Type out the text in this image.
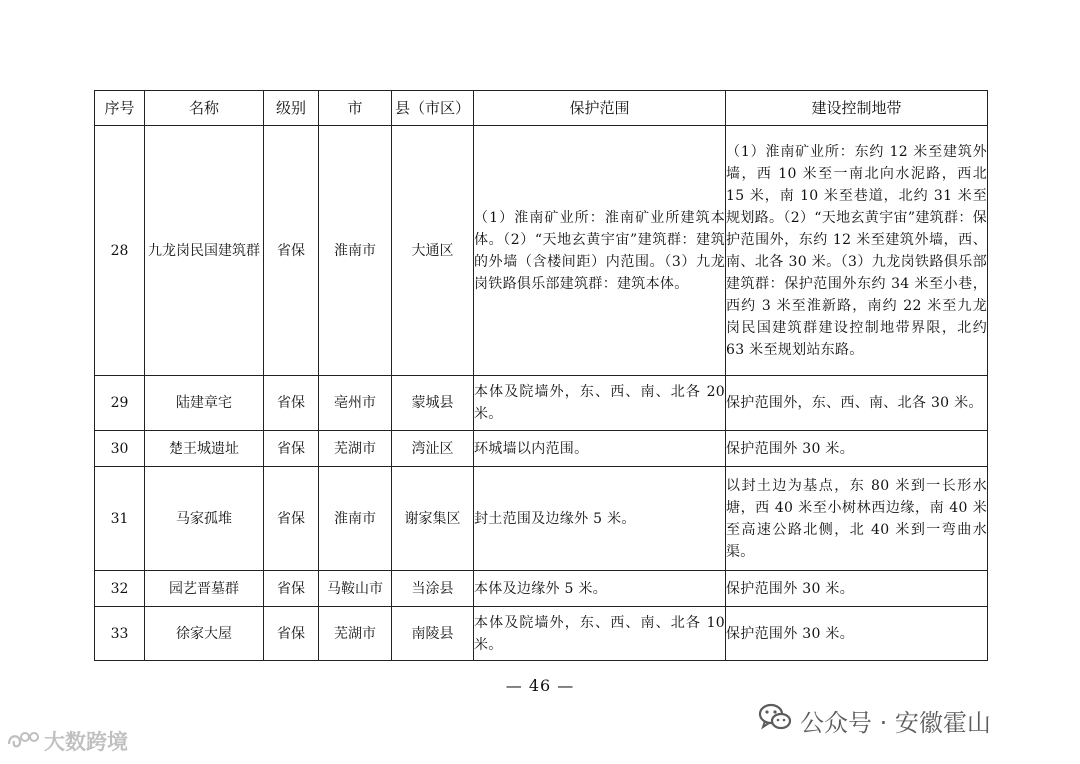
序号	名称	级别	市	县（市区）	保护范围	建设控制地带
28	九龙岗民国建筑群	省保	淮南市	大通区	（1）淮南矿业所：淮南矿业所建筑本体。（2）“天地玄黄宇宙”建筑群：建筑的外墙（含楼间距）内范围。（3）九龙岗铁路俱乐部建筑群：建筑本体。	（1）淮南矿业所：东约 12 米至建筑外墙，西 10 米至一南北向水泥路，西北 15 米，南 10 米至巷道，北约 31 米至规划路。（2）“天地玄黄宇宙”建筑群：保护范围外，东约 12 米至建筑外墙，西、南、北各 30 米。（3）九龙岗铁路俱乐部建筑群：保护范围外东约 34 米至小巷，西约 3 米至淮新路，南约 22 米至九龙岗民国建筑群建设控制地带界限，北约 63 米至规划站东路。
29	陆建章宅	省保	亳州市	蒙城县	本体及院墙外，东、西、南、北各 20 米。	保护范围外，东、西、南、北各 30 米。
30	楚王城遗址	省保	芜湖市	湾沚区	环城墙以内范围。	保护范围外 30 米。
31	马家孤堆	省保	淮南市	谢家集区	封土范围及边缘外 5 米。	以封土边为基点，东 80 米到一长形水塘，西 40 米至小树林西边缘，南 40 米至高速公路北侧，北 40 米到一弯曲水渠。
32	园艺晋墓群	省保	马鞍山市	当涂县	本体及边缘外 5 米。	保护范围外 30 米。
33	徐家大屋	省保	芜湖市	南陵县	本体及院墙外，东、西、南、北各 10 米。	保护范围外 30 米。
— 46 —
大数跨境
公众号 · 安徽霍山
